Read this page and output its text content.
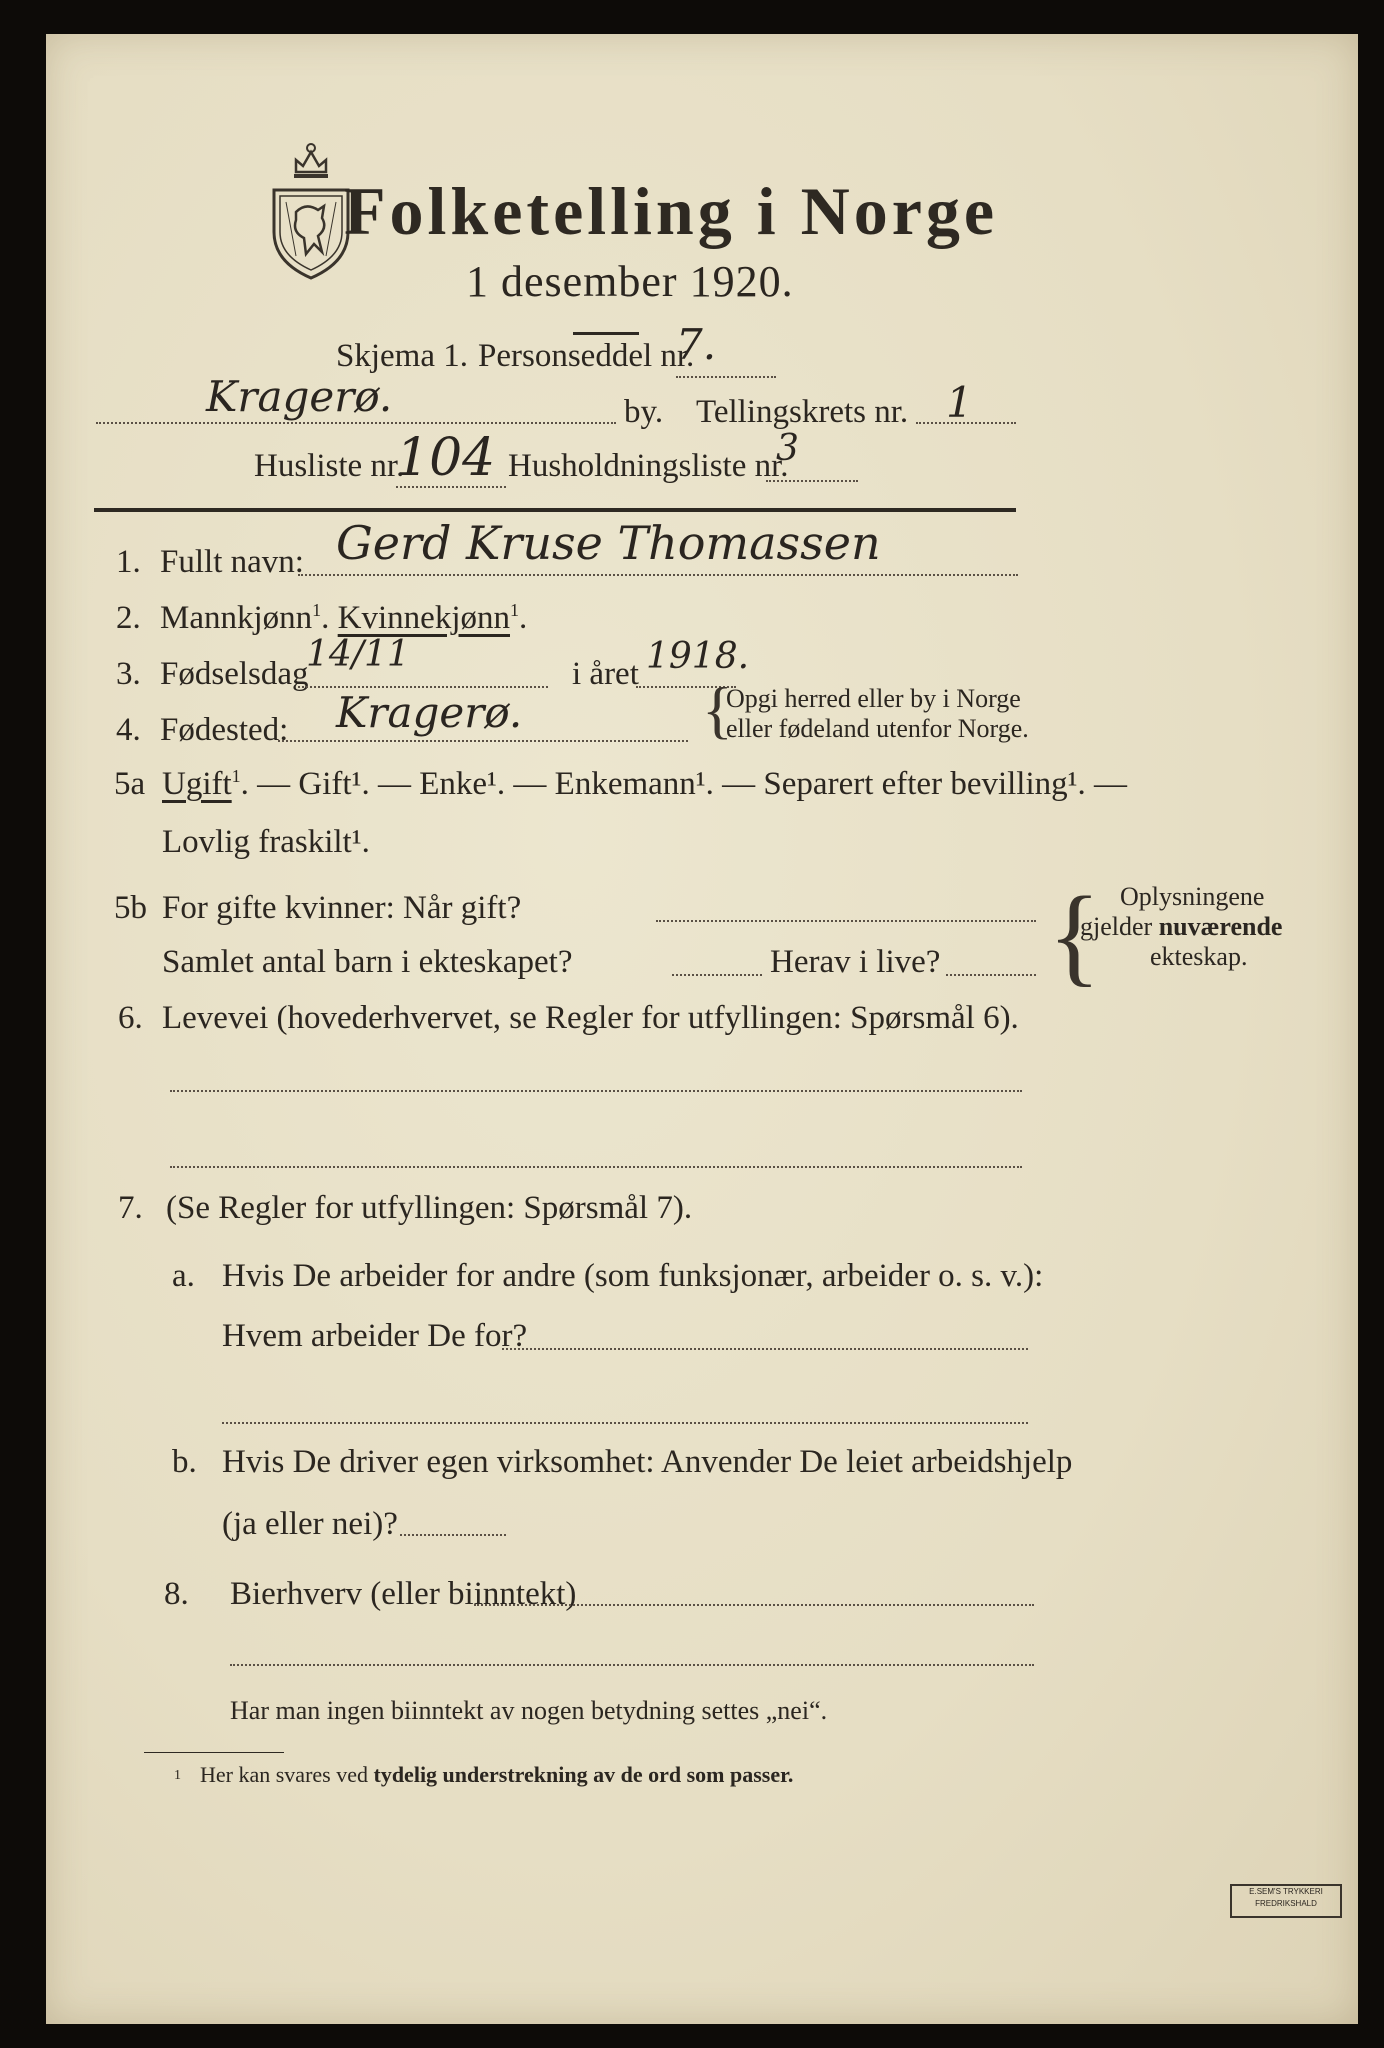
Folketelling i Norge
1 desember 1920.
Skjema 1. Personseddel nr.
7.
Kragerø.	by. Tellingskrets nr. 1
Husliste nr.
104 Husholdningsliste nr.
3
1. Fullt navn: Gerd Kruse Thomassen
2. Mannkjønn$^1$. Kvinnekjønn$^1$.
3. Fødselsdag
14/11	i året 1918.
4. Fødested: Kragerø.	{
Opgi herred eller by i Norge
eller fødeland utenfor Norge.
5a Ugift$^1$. — Gift¹. — Enke¹. — Enkemann¹. — Separert efter bevilling¹. —
Lovlig fraskilt¹.
5b For gifte kvinner: Når gift?
Samlet antal barn i ekteskapet?	Herav i live? { Oplysningene
gjelder nuværende
ekteskap.
6. Levevei (hovederhvervet, se Regler for utfyllingen: Spørsmål 6).
7. (Se Regler for utfyllingen: Spørsmål 7).
a. Hvis De arbeider for andre (som funksjonær, arbeider o. s. v.):
Hvem arbeider De for?
b. Hvis De driver egen virksomhet: Anvender De leiet arbeidshjelp
(ja eller nei)?
8. Bierhverv (eller biinntekt)
Har man ingen biinntekt av nogen betydning settes „nei“.
1 Her kan svares ved tydelig understrekning av de ord som passer.
E.SEM'S TRYKKERI
FREDRIKSHALD
